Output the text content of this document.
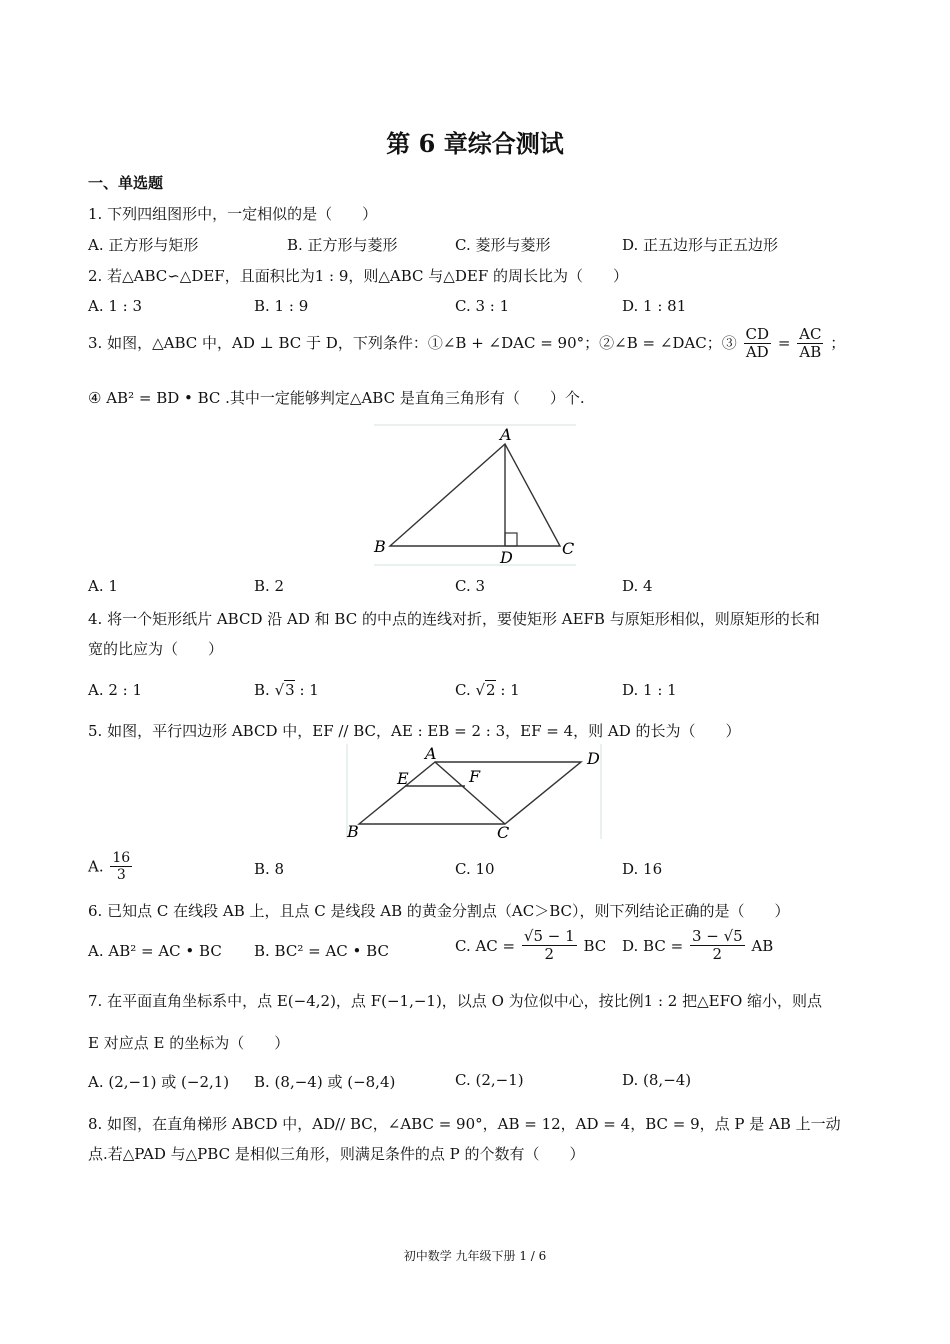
第 6 章综合测试
一、单选题
1. 下列四组图形中，一定相似的是（　　）
A. 正方形与矩形	B. 正方形与菱形	C. 菱形与菱形	D. 正五边形与正五边形
2. 若△ABC∽△DEF，且面积比为1 : 9，则△ABC 与△DEF 的周长比为（　　）
A. 1 : 3	B. 1 : 9	C. 3 : 1	D. 1 : 81
3. 如图，△ABC 中，AD ⊥ BC 于 D，下列条件：①∠B + ∠DAC = 90°；②∠B = ∠DAC；③ $\frac{CD}{AD} = \frac{AC}{AB}$ ；
④ AB² = BD • BC .其中一定能够判定△ABC 是直角三角形有（　　）个.
A
B
D	C
A. 1	B. 2	C. 3	D. 4
4. 将一个矩形纸片 ABCD 沿 AD 和 BC 的中点的连线对折，要使矩形 AEFB 与原矩形相似，则原矩形的长和
宽的比应为（　　）
A. 2 : 1	B. √3 : 1	C. √2 : 1	D. 1 : 1
5. 如图，平行四边形 ABCD 中，EF // BC，AE : EB = 2 : 3，EF = 4，则 AD 的长为（　　）
A	D
E	F
B	C
A. $\frac{16}{3}$	B. 8	C. 10	D. 16
6. 已知点 C 在线段 AB 上，且点 C 是线段 AB 的黄金分割点（AC＞BC），则下列结论正确的是（　　）
A. AB² = AC • BC B. BC² = AC • BC	C. AC = $\frac{√5 - 1}{2}$ BC D. BC = $\frac{3 - √5}{2}$ AB
7. 在平面直角坐标系中，点 E(−4,2)，点 F(−1,−1)，以点 O 为位似中心，按比例1 : 2 把△EFO 缩小，则点
E 对应点 E 的坐标为（　　）
A. (2,−1) 或 (−2,1) B. (8,−4) 或 (−8,4)	C. (2,−1)	D. (8,−4)
8. 如图，在直角梯形 ABCD 中，AD// BC，∠ABC = 90°，AB = 12，AD = 4，BC = 9，点 P 是 AB 上一动
点.若△PAD 与△PBC 是相似三角形，则满足条件的点 P 的个数有（　　）
初中数学 九年级下册 1 / 6
